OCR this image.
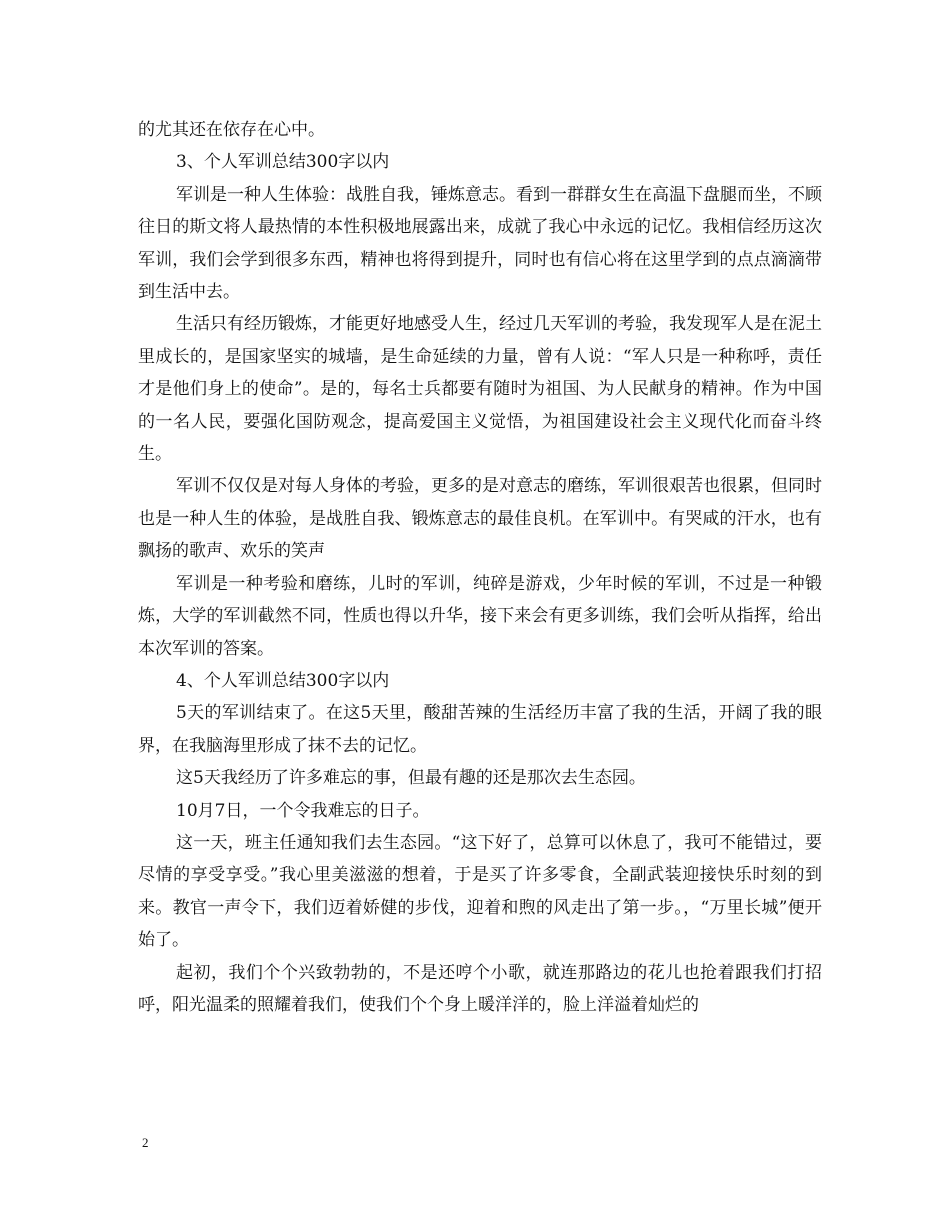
的尤其还在依存在心中。

3、个人军训总结300字以内

军训是一种人生体验：战胜自我，锤炼意志。看到一群群女生在高温下盘腿而坐，不顾往日的斯文将人最热情的本性积极地展露出来，成就了我心中永远的记忆。我相信经历这次军训，我们会学到很多东西，精神也将得到提升，同时也有信心将在这里学到的点点滴滴带到生活中去。

生活只有经历锻炼，才能更好地感受人生，经过几天军训的考验，我发现军人是在泥土里成长的，是国家坚实的城墙，是生命延续的力量，曾有人说：“军人只是一种称呼，责任才是他们身上的使命”。是的，每名士兵都要有随时为祖国、为人民献身的精神。作为中国的一名人民，要强化国防观念，提高爱国主义觉悟，为祖国建设社会主义现代化而奋斗终生。

军训不仅仅是对每人身体的考验，更多的是对意志的磨练，军训很艰苦也很累，但同时也是一种人生的体验，是战胜自我、锻炼意志的最佳良机。在军训中。有哭咸的汗水，也有飘扬的歌声、欢乐的笑声

军训是一种考验和磨练，儿时的军训，纯碎是游戏，少年时候的军训，不过是一种锻炼，大学的军训截然不同，性质也得以升华，接下来会有更多训练，我们会听从指挥，给出本次军训的答案。

4、个人军训总结300字以内

5天的军训结束了。在这5天里，酸甜苦辣的生活经历丰富了我的生活，开阔了我的眼界，在我脑海里形成了抹不去的记忆。

这5天我经历了许多难忘的事，但最有趣的还是那次去生态园。

10月7日，一个令我难忘的日子。

这一天，班主任通知我们去生态园。“这下好了，总算可以休息了，我可不能错过，要尽情的享受享受。”我心里美滋滋的想着，于是买了许多零食，全副武装迎接快乐时刻的到来。教官一声令下，我们迈着娇健的步伐，迎着和煦的风走出了第一步。，“万里长城”便开始了。

起初，我们个个兴致勃勃的，不是还哼个小歌，就连那路边的花儿也抢着跟我们打招呼，阳光温柔的照耀着我们，使我们个个身上暖洋洋的，脸上洋溢着灿烂的

2
